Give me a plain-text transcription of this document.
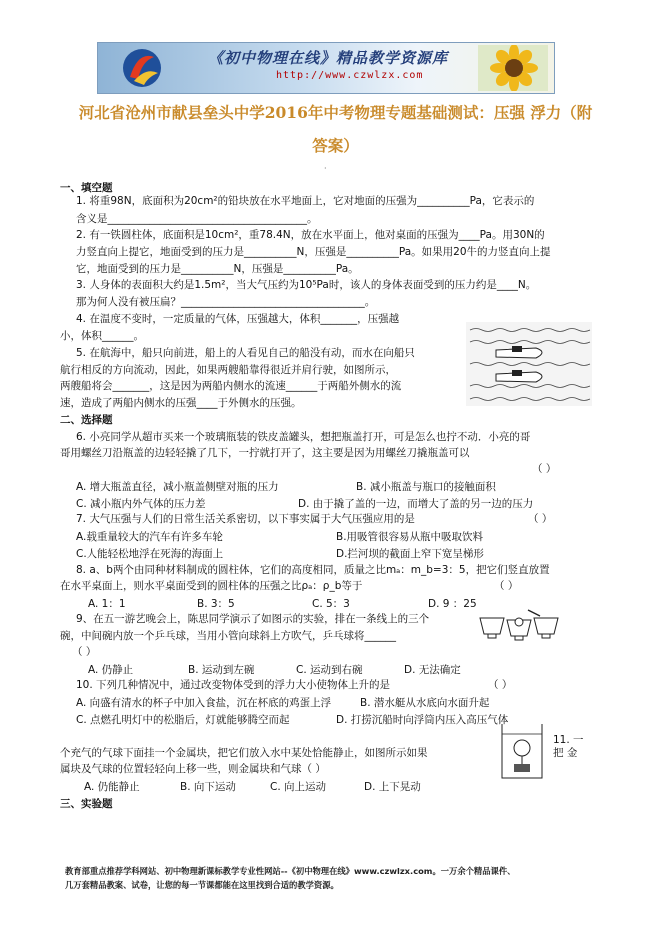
《初中物理在线》精品教学资源库
http://www.czwlzx.com
河北省沧州市献县垒头中学2016年中考物理专题基础测试：压强 浮力（附
答案）
·
一、填空题
1. 将重98N，底面积为20cm²的铅块放在水平地面上，它对地面的压强为__________Pa，它表示的
含义是______________________________________。
2. 有一铁圆柱体，底面积是10cm²，重78.4N，放在水平面上，他对桌面的压强为____Pa。用30N的
力竖直向上提它，地面受到的压力是__________N，压强是__________Pa。如果用20牛的力竖直向上提
它，地面受到的压力是__________N，压强是__________Pa。
3. 人身体的表面积大约是1.5m²，当大气压约为10⁵Pa时，该人的身体表面受到的压力约是____N。
那为何人没有被压扁？___________________________________。
4. 在温度不变时，一定质量的气体，压强越大，体积_______，压强越
小，体积______。
5. 在航海中，船只向前进，船上的人看见自己的船没有动，而水在向船只
航行相反的方向流动，因此，如果两艘船靠得很近并肩行驶，如图所示，
两艘船将会_______，这是因为两船内侧水的流速______于两船外侧水的流
速，造成了两船内侧水的压强____于外侧水的压强。
二、选择题
6. 小亮同学从超市买来一个玻璃瓶装的铁皮盖罐头，想把瓶盖打开，可是怎么也拧不动．小亮的哥
哥用螺丝刀沿瓶盖的边轻轻撬了几下，一拧就打开了，这主要是因为用螺丝刀撬瓶盖可以
（ ）
A. 增大瓶盖直径，减小瓶盖侧壁对瓶的压力	B. 减小瓶盖与瓶口的接触面积
C. 减小瓶内外气体的压力差	D. 由于撬了盖的一边，而增大了盖的另一边的压力
7. 大气压强与人们的日常生活关系密切，以下事实属于大气压强应用的是	（ ）
A.载重量较大的汽车有许多车轮	B.用吸管很容易从瓶中吸取饮料
C.人能轻松地浮在死海的海面上	D.拦河坝的截面上窄下宽呈梯形
8. a、b两个由同种材料制成的圆柱体，它们的高度相同，质量之比mₐ：m_b=3：5，把它们竖直放置
在水平桌面上，则水平桌面受到的圆柱体的压强之比ρₐ：ρ_b等于	（ ）
A. 1：1	B. 3：5	C. 5：3	D. 9 ：25
9、在五一游艺晚会上，陈思同学演示了如图示的实验，排在一条线上的三个
碗，中间碗内放一个乒乓球，当用小管向球斜上方吹气，乒乓球将______
（ ）
A. 仍静止	B. 运动到左碗	C. 运动到右碗	D. 无法确定
10. 下列几种情况中，通过改变物体受到的浮力大小使物体上升的是	（ ）
A. 向盛有清水的杯子中加入食盐，沉在杯底的鸡蛋上浮	B. 潜水艇从水底向水面升起
C. 点燃孔明灯中的松脂后，灯就能够腾空而起	D. 打捞沉船时向浮筒内压入高压气体
11. 一
个充气的气球下面挂一个金属块，把它们放入水中某处恰能静止，如图所示如果	把 金
属块及气球的位置轻轻向上移一些，则金属块和气球（ ）
A. 仍能静止	B. 向下运动	C. 向上运动	D. 上下晃动
三、实验题
教育部重点推荐学科网站、初中物理新课标教学专业性网站--《初中物理在线》www.czwlzx.com。一万余个精品课件、
几万套精品教案、试卷，让您的每一节课都能在这里找到合适的教学资源。
